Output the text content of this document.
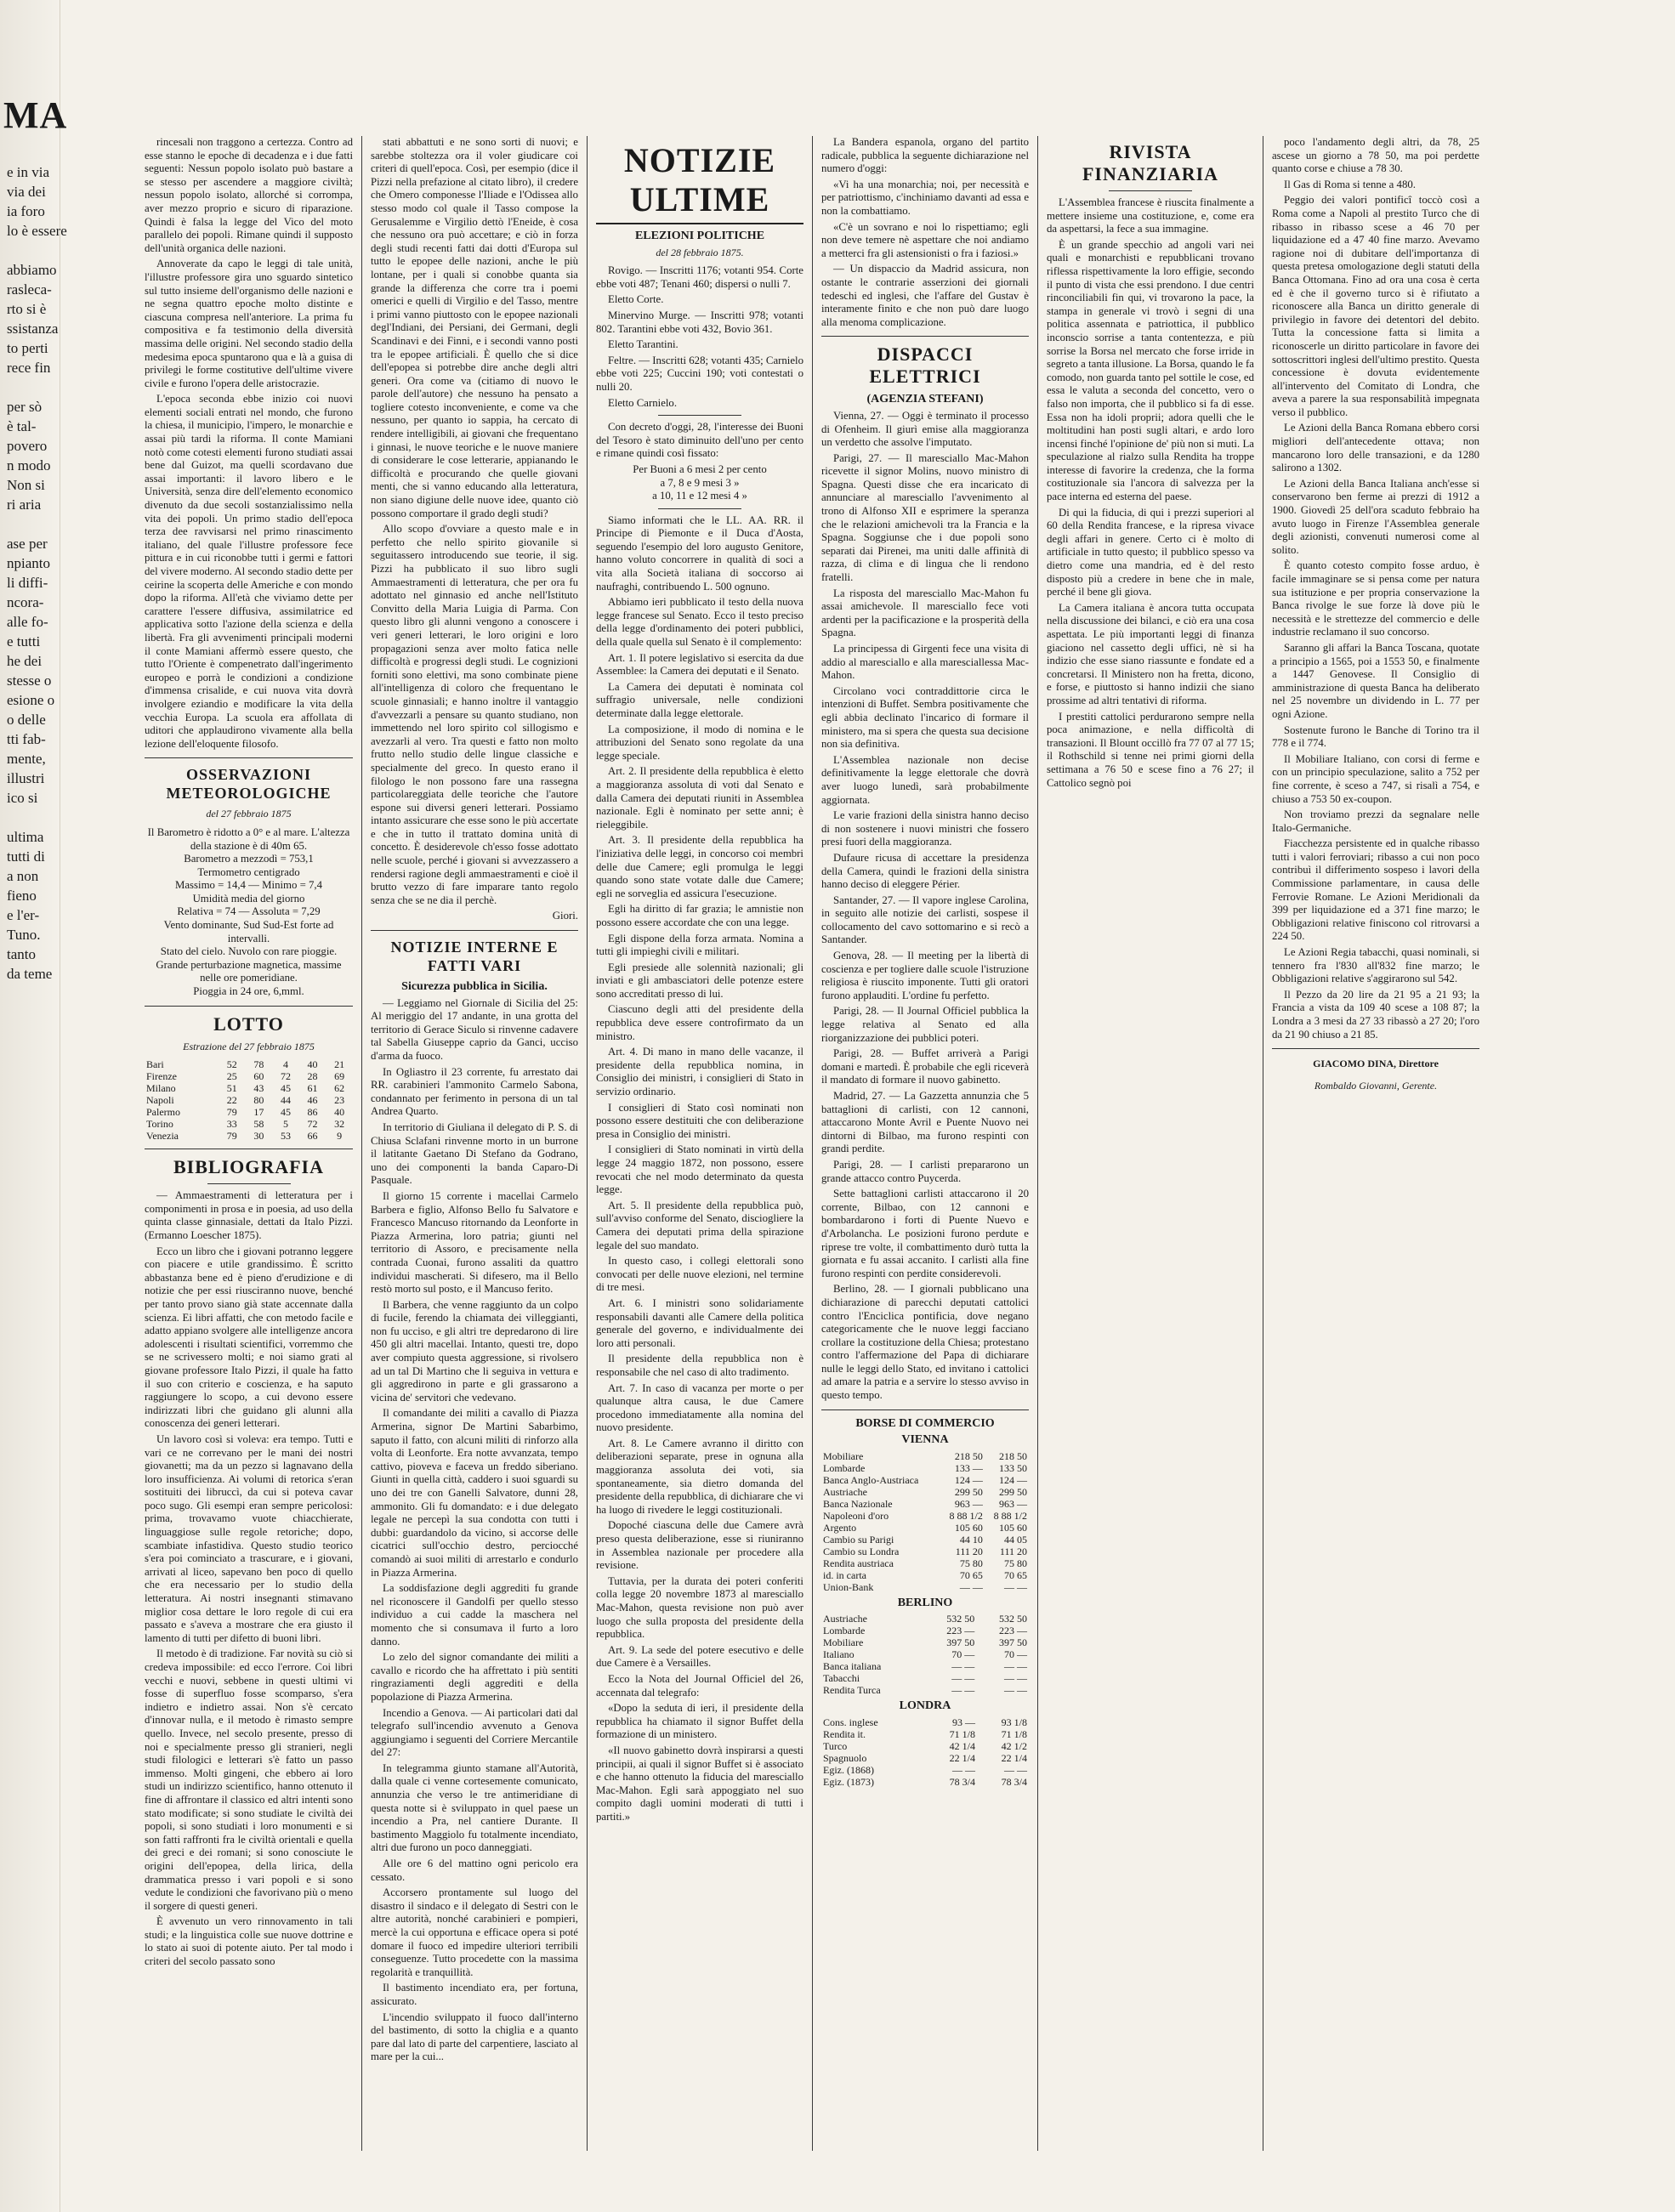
MA
e in via
via dei
ia foro
lo è essere

abbiamo
rasleca-
rto si è
ssistanza
to perti
rece fin

per sò
è tal-
povero
n modo
Non si
ri aria

ase per
npianto
li diffi-
ncora-
alle fo-
e tutti
he dei
stesse o
esione o
o delle
tti fab-
mente,
illustri
ico si

ultima
tutti di
a non
fieno
e l'er-
Tuno.
tanto
da teme

rincesali non traggono a certezza. Contro ad esse stanno le epoche di decadenza e i due fatti seguenti: Nessun popolo isolato può bastare a se stesso per ascendere a maggiore civiltà; nessun popolo isolato, allorché si corrompa, aver mezzo proprio e sicuro di riparazione. Quindi è falsa la legge del Vico del moto parallelo dei popoli. Rimane quindi il supposto dell'unità organica delle nazioni.

Annoverate da capo le leggi di tale unità, l'illustre professore gira uno sguardo sintetico sul tutto insieme dell'organismo delle nazioni e ne segna quattro epoche molto distinte e ciascuna compresa nell'anteriore. La prima fu compositiva e fa testimonio della diversità massima delle origini. Nel secondo stadio della medesima epoca spuntarono qua e là a guisa di privilegi le forme costitutive dell'ultime vivere civile e furono l'opera delle aristocrazie.

L'epoca seconda ebbe inizio coi nuovi elementi sociali entrati nel mondo, che furono la chiesa, il municipio, l'impero, le monarchie e assai più tardi la riforma. Il conte Mamiani notò come cotesti elementi furono studiati assai bene dal Guizot, ma quelli scordavano due assai importanti: il lavoro libero e le Università, senza dire dell'elemento economico divenuto da due secoli sostanzialissimo nella vita dei popoli. Un primo stadio dell'epoca terza dee ravvisarsi nel primo rinascimento italiano, del quale l'illustre professore fece pittura e in cui riconobbe tutti i germi e fattori del vivere moderno. Al secondo stadio dette per ceirine la scoperta delle Americhe e con mondo dopo la riforma. All'età che viviamo dette per carattere l'essere diffusiva, assimilatrice ed applicativa sotto l'azione della scienza e della libertà. Fra gli avvenimenti principali moderni il conte Mamiani affermò essere questo, che tutto l'Oriente è compenetrato dall'ingerimento europeo e porrà le condizioni a condizione d'immensa crisalide, e cui nuova vita dovrà involgere eziandio e modificare la vita della vecchia Europa. La scuola era affollata di uditori che applaudirono vivamente alla bella lezione dell'eloquente filosofo.

OSSERVAZIONI METEOROLOGICHE
del 27 febbraio 1875
Il Barometro è ridotto a 0° e al mare. L'altezza della stazione è di 40m 65.
Barometro a mezzodì = 753,1
Termometro centigrado
Massimo = 14,4 — Minimo = 7,4
Umidità media del giorno
Relativa = 74 — Assoluta = 7,29
Vento dominante, Sud Sud-Est forte ad intervalli.
Stato del cielo. Nuvolo con rare pioggie. Grande perturbazione magnetica, massime nelle ore pomeridiane.
Pioggia in 24 ore, 6,mml.
LOTTO
Estrazione del 27 febbraio 1875
Bari	52	78	4	40	21
Firenze	25	60	72	28	69
Milano	51	43	45	61	62
Napoli	22	80	44	46	23
Palermo	79	17	45	86	40
Torino	33	58	5	72	32
Venezia	79	30	53	66	9
BIBLIOGRAFIA

— Ammaestramenti di letteratura per i componimenti in prosa e in poesia, ad uso della quinta classe ginnasiale, dettati da Italo Pizzi. (Ermanno Loescher 1875).

Ecco un libro che i giovani potranno leggere con piacere e utile grandissimo. È scritto abbastanza bene ed è pieno d'erudizione e di notizie che per essi riusciranno nuove, benché per tanto provo siano già state accennate dalla scienza. Ei libri affatti, che con metodo facile e adatto appiano svolgere alle intelligenze ancora adolescenti i risultati scientifici, vorremmo che se ne scrivessero molti; e noi siamo grati al giovane professore Italo Pizzi, il quale ha fatto il suo con criterio e coscienza, e ha saputo raggiungere lo scopo, a cui devono essere indirizzati libri che guidano gli alunni alla conoscenza dei generi letterari.

Un lavoro così si voleva: era tempo. Tutti e vari ce ne correvano per le mani dei nostri giovanetti; ma da un pezzo si lagnavano della loro insufficienza. Ai volumi di retorica s'eran sostituiti dei libruccì, da cui si poteva cavar poco sugo. Gli esempi eran sempre pericolosi: prima, trovavamo vuote chiacchierate, linguaggiose sulle regole retoriche; dopo, scambiate infastidiva. Questo studio teorico s'era poi cominciato a trascurare, e i giovani, arrivati al liceo, sapevano ben poco di quello che era necessario per lo studio della letteratura. Ai nostri insegnanti stimavano miglior cosa dettare le loro regole di cui era passato e s'aveva a mostrare che era giusto il lamento di tutti per difetto di buoni libri.

Il metodo è di tradizione. Far novità su ciò si credeva impossibile: ed ecco l'errore. Coi libri vecchi e nuovi, sebbene in questi ultimi vi fosse di superfluo fosse scomparso, s'era indietro e indietro assai. Non s'è cercato d'innovar nulla, e il metodo è rimasto sempre quello. Invece, nel secolo presente, presso di noi e specialmente presso gli stranieri, negli studi filologici e letterari s'è fatto un passo immenso. Molti gingeni, che ebbero ai loro studi un indirizzo scientifico, hanno ottenuto il fine di affrontare il classico ed altri intenti sono stato modificate; si sono studiate le civiltà dei popoli, si sono studiati i loro monumenti e si son fatti raffronti fra le civiltà orientali e quella dei greci e dei romani; si sono conosciute le origini dell'epopea, della lirica, della drammatica presso i vari popoli e si sono vedute le condizioni che favorivano più o meno il sorgere di questi generi.

È avvenuto un vero rinnovamento in tali studi; e la linguistica colle sue nuove dottrine e lo stato ai suoi di potente aiuto. Per tal modo i criteri del secolo passato sono

stati abbattuti e ne sono sorti di nuovi; e sarebbe stoltezza ora il voler giudicare coi criteri di quell'epoca. Così, per esempio (dice il Pizzi nella prefazione al citato libro), il credere che Omero componesse l'Iliade e l'Odissea allo stesso modo col quale il Tasso compose la Gerusalemme e Virgilio dettò l'Eneide, è cosa che nessuno ora può accettare; e ciò in forza degli studi recenti fatti dai dotti d'Europa sul tutto le epopee delle nazioni, anche le più lontane, per i quali si conobbe quanta sia grande la differenza che corre tra i poemi omerici e quelli di Virgilio e del Tasso, mentre i primi vanno piuttosto con le epopee nazionali degl'Indiani, dei Persiani, dei Germani, degli Scandinavi e dei Finni, e i secondi vanno posti tra le epopee artificiali. È quello che si dice dell'epopea si potrebbe dire anche degli altri generi. Ora come va (citiamo di nuovo le parole dell'autore) che nessuno ha pensato a togliere cotesto inconveniente, e come va che nessuno, per quanto io sappia, ha cercato di rendere intelligibili, ai giovani che frequentano i ginnasi, le nuove teoriche e le nuove maniere di considerare le cose letterarie, appianando le difficoltà e procurando che quelle giovani menti, che si vanno educando alla letteratura, non siano digiune delle nuove idee, quanto ciò possono comportare il grado degli studi?

Allo scopo d'ovviare a questo male e in perfetto che nello spirito giovanile si seguitassero introducendo sue teorie, il sig. Pizzi ha pubblicato il suo libro sugli Ammaestramenti di letteratura, che per ora fu adottato nel ginnasio ed anche nell'Istituto Convitto della Maria Luigia di Parma. Con questo libro gli alunni vengono a conoscere i veri generi letterari, le loro origini e loro propagazioni senza aver molto fatica nelle difficoltà e progressi degli studi. Le cognizioni forniti sono elettivi, ma sono combinate piene all'intelligenza di coloro che frequentano le scuole ginnasiali; e hanno inoltre il vantaggio d'avvezzarli a pensare su quanto studiano, non immettendo nel loro spirito col sillogismo e avezzarli al vero. Tra questi e fatto non molto frutto nello studio delle lingue classiche e specialmente del greco. In questo erano il filologo le non possono fare una rassegna particolareggiata delle teoriche che l'autore espone sui diversi generi letterari. Possiamo intanto assicurare che esse sono le più accertate e che in tutto il trattato domina unità di concetto. È desiderevole ch'esso fosse adottato nelle scuole, perché i giovani si avvezzassero a rendersi ragione degli ammaestramenti e cioè il brutto vezzo di fare imparare tanto regolo senza che se ne dia il perchè.

Giori.
NOTIZIE INTERNE E FATTI VARI
Sicurezza pubblica in Sicilia.

— Leggiamo nel Giornale di Sicilia del 25: Al meriggio del 17 andante, in una grotta del territorio di Gerace Siculo si rinvenne cadavere tal Sabella Giuseppe caprio da Ganci, ucciso d'arma da fuoco.

In Ogliastro il 23 corrente, fu arrestato dai RR. carabinieri l'ammonito Carmelo Sabona, condannato per ferimento in persona di un tal Andrea Quarto.

In territorio di Giuliana il delegato di P. S. di Chiusa Sclafani rinvenne morto in un burrone il latitante Gaetano Di Stefano da Godrano, uno dei componenti la banda Caparo-Di Pasquale.

Il giorno 15 corrente i macellai Carmelo Barbera e figlio, Alfonso Bello fu Salvatore e Francesco Mancuso ritornando da Leonforte in Piazza Armerina, loro patria; giunti nel territorio di Assoro, e precisamente nella contrada Cuonai, furono assaliti da quattro individui mascherati. Si difesero, ma il Bello restò morto sul posto, e il Mancuso ferito.

Il Barbera, che venne raggiunto da un colpo di fucile, ferendo la chiamata dei villeggianti, non fu ucciso, e gli altri tre depredarono di lire 450 gli altri macellai. Intanto, questi tre, dopo aver compiuto questa aggressione, si rivolsero ad un tal Di Martino che li seguiva in vettura e gli aggredirono in parte e gli grassarono a vicina de' servitori che vedevano.

Il comandante dei militi a cavallo di Piazza Armerina, signor De Martini Sabarbimo, saputo il fatto, con alcuni militi di rinforzo alla volta di Leonforte. Era notte avvanzata, tempo cattivo, pioveva e faceva un freddo siberiano. Giunti in quella città, caddero i suoi sguardi su uno dei tre con Ganelli Salvatore, dunni 28, ammonito. Gli fu domandato: e i due delegato legale ne percepì la sua condotta con tutti i dubbi: guardandolo da vicino, si accorse delle cicatrici sull'occhio destro, perciocché comandò ai suoi militi di arrestarlo e condurlo in Piazza Armerina.

La soddisfazione degli aggrediti fu grande nel riconoscere il Gandolfi per quello stesso individuo a cui cadde la maschera nel momento che si consumava il furto a loro danno.

Lo zelo del signor comandante dei militi a cavallo e ricordo che ha affrettato i più sentiti ringraziamenti degli aggrediti e della popolazione di Piazza Armerina.

Incendio a Genova. — Ai particolari dati dal telegrafo sull'incendio avvenuto a Genova aggiungiamo i seguenti del Corriere Mercantile del 27:

In telegramma giunto stamane all'Autorità, dalla quale ci venne cortesemente comunicato, annunzia che verso le tre antimeridiane di questa notte si è sviluppato in quel paese un incendio a Pra, nel cantiere Durante. Il bastimento Maggiolo fu totalmente incendiato, altri due furono un poco danneggiati.

Alle ore 6 del mattino ogni pericolo era cessato.

Accorsero prontamente sul luogo del disastro il sindaco e il delegato di Sestri con le altre autorità, nonché carabinieri e pompieri, mercè la cui opportuna e efficace opera si poté domare il fuoco ed impedire ulteriori terribili conseguenze. Tutto procedette con la massima regolarità e tranquillità.

Il bastimento incendiato era, per fortuna, assicurato.

L'incendio sviluppato il fuoco dall'interno del bastimento, di sotto la chiglia e a quanto pare dal lato di parte del carpentiere, lasciato al mare per la cui...

NOTIZIE ULTIME
ELEZIONI POLITICHE
del 28 febbraio 1875.

Rovigo. — Inscritti 1176; votanti 954. Corte ebbe voti 487; Tenani 460; dispersi o nulli 7.

Eletto Corte.

Minervino Murge. — Inscritti 978; votanti 802. Tarantini ebbe voti 432, Bovio 361.

Eletto Tarantini.

Feltre. — Inscritti 628; votanti 435; Carnielo ebbe voti 225; Cuccini 190; voti contestati o nulli 20.

Eletto Carnielo.

Con decreto d'oggi, 28, l'interesse dei Buoni del Tesoro è stato diminuito dell'uno per cento e rimane quindi così fissato:

Per Buoni a 6 mesi 2 per cento
a 7, 8 e 9 mesi 3 »
a 10, 11 e 12 mesi 4 »

Siamo informati che le LL. AA. RR. il Principe di Piemonte e il Duca d'Aosta, seguendo l'esempio del loro augusto Genitore, hanno voluto concorrere in qualità di soci a vita alla Società italiana di soccorso ai naufraghi, contribuendo L. 500 ognuno.

Abbiamo ieri pubblicato il testo della nuova legge francese sul Senato. Ecco il testo preciso della legge d'ordinamento dei poteri pubblici, della quale quella sul Senato è il complemento:

Art. 1. Il potere legislativo si esercita da due Assemblee: la Camera dei deputati e il Senato.

La Camera dei deputati è nominata col suffragio universale, nelle condizioni determinate dalla legge elettorale.

La composizione, il modo di nomina e le attribuzioni del Senato sono regolate da una legge speciale.

Art. 2. Il presidente della repubblica è eletto a maggioranza assoluta di voti dal Senato e dalla Camera dei deputati riuniti in Assemblea nazionale. Egli è nominato per sette anni; è rieleggibile.

Art. 3. Il presidente della repubblica ha l'iniziativa delle leggi, in concorso coi membri delle due Camere; egli promulga le leggi quando sono state votate dalle due Camere; egli ne sorveglia ed assicura l'esecuzione.

Egli ha diritto di far grazia; le amnistie non possono essere accordate che con una legge.

Egli dispone della forza armata. Nomina a tutti gli impieghi civili e militari.

Egli presiede alle solennità nazionali; gli inviati e gli ambasciatori delle potenze estere sono accreditati presso di lui.

Ciascuno degli atti del presidente della repubblica deve essere controfirmato da un ministro.

Art. 4. Di mano in mano delle vacanze, il presidente della repubblica nomina, in Consiglio dei ministri, i consiglieri di Stato in servizio ordinario.

I consiglieri di Stato così nominati non possono essere destituiti che con deliberazione presa in Consiglio dei ministri.

I consiglieri di Stato nominati in virtù della legge 24 maggio 1872, non possono, essere revocati che nel modo determinato da questa legge.

Art. 5. Il presidente della repubblica può, sull'avviso conforme del Senato, disciogliere la Camera dei deputati prima della spirazione legale del suo mandato.

In questo caso, i collegi elettorali sono convocati per delle nuove elezioni, nel termine di tre mesi.

Art. 6. I ministri sono solidariamente responsabili davanti alle Camere della politica generale del governo, e individualmente dei loro atti personali.

Il presidente della repubblica non è responsabile che nel caso di alto tradimento.

Art. 7. In caso di vacanza per morte o per qualunque altra causa, le due Camere procedono immediatamente alla nomina del nuovo presidente.

Art. 8. Le Camere avranno il diritto con deliberazioni separate, prese in ognuna alla maggioranza assoluta dei voti, sia spontaneamente, sia dietro domanda del presidente della repubblica, di dichiarare che vi ha luogo di rivedere le leggi costituzionali.

Dopoché ciascuna delle due Camere avrà preso questa deliberazione, esse si riuniranno in Assemblea nazionale per procedere alla revisione.

Tuttavia, per la durata dei poteri conferiti colla legge 20 novembre 1873 al maresciallo Mac-Mahon, questa revisione non può aver luogo che sulla proposta del presidente della repubblica.

Art. 9. La sede del potere esecutivo e delle due Camere è a Versailles.

Ecco la Nota del Journal Officiel del 26, accennata dal telegrafo:

«Dopo la seduta di ieri, il presidente della repubblica ha chiamato il signor Buffet della formazione di un ministero.

«Il nuovo gabinetto dovrà inspirarsi a questi principii, ai quali il signor Buffet si è associato e che hanno ottenuto la fiducia del maresciallo Mac-Mahon. Egli sarà appoggiato nel suo compito dagli uomini moderati di tutti i partiti.»

La Bandera espanola, organo del partito radicale, pubblica la seguente dichiarazione nel numero d'oggi:

«Vi ha una monarchia; noi, per necessità e per patriottismo, c'inchiniamo davanti ad essa e non la combattiamo.

«C'è un sovrano e noi lo rispettiamo; egli non deve temere nè aspettare che noi andiamo a metterci fra gli astensionisti o fra i faziosi.»

— Un dispaccio da Madrid assicura, non ostante le contrarie asserzioni dei giornali tedeschi ed inglesi, che l'affare del Gustav è interamente finito e che non può dare luogo alla menoma complicazione.

DISPACCI ELETTRICI
(AGENZIA STEFANI)

Vienna, 27. — Oggi è terminato il processo di Ofenheim. Il giurì emise alla maggioranza un verdetto che assolve l'imputato.

Parigi, 27. — Il maresciallo Mac-Mahon ricevette il signor Molins, nuovo ministro di Spagna. Questi disse che era incaricato di annunciare al maresciallo l'avvenimento al trono di Alfonso XII e esprimere la speranza che le relazioni amichevoli tra la Francia e la Spagna. Soggiunse che i due popoli sono separati dai Pirenei, ma uniti dalle affinità di razza, di clima e di lingua che li rendono fratelli.

La risposta del maresciallo Mac-Mahon fu assai amichevole. Il maresciallo fece voti ardenti per la pacificazione e la prosperità della Spagna.

La principessa di Girgenti fece una visita di addio al maresciallo e alla maresciallessa Mac-Mahon.

Circolano voci contraddittorie circa le intenzioni di Buffet. Sembra positivamente che egli abbia declinato l'incarico di formare il ministero, ma si spera che questa sua decisione non sia definitiva.

L'Assemblea nazionale non decise definitivamente la legge elettorale che dovrà aver luogo lunedì, sarà probabilmente aggiornata.

Le varie frazioni della sinistra hanno deciso di non sostenere i nuovi ministri che fossero presi fuori della maggioranza.

Dufaure ricusa di accettare la presidenza della Camera, quindi le frazioni della sinistra hanno deciso di eleggere Périer.

Santander, 27. — Il vapore inglese Carolina, in seguito alle notizie dei carlisti, sospese il collocamento del cavo sottomarino e si recò a Santander.

Genova, 28. — Il meeting per la libertà di coscienza e per togliere dalle scuole l'istruzione religiosa è riuscito imponente. Tutti gli oratori furono applauditi. L'ordine fu perfetto.

Parigi, 28. — Il Journal Officiel pubblica la legge relativa al Senato ed alla riorganizzazione dei pubblici poteri.

Parigi, 28. — Buffet arriverà a Parigi domani e martedì. È probabile che egli riceverà il mandato di formare il nuovo gabinetto.

Madrid, 27. — La Gazzetta annunzia che 5 battaglioni di carlisti, con 12 cannoni, attaccarono Monte Avril e Puente Nuovo nei dintorni di Bilbao, ma furono respinti con grandi perdite.

Parigi, 28. — I carlisti prepararono un grande attacco contro Puycerda.

Sette battaglioni carlisti attaccarono il 20 corrente, Bilbao, con 12 cannoni e bombardarono i forti di Puente Nuevo e d'Arbolancha. Le posizioni furono perdute e riprese tre volte, il combattimento durò tutta la giornata e fu assai accanito. I carlisti alla fine furono respinti con perdite considerevoli.

Berlino, 28. — I giornali pubblicano una dichiarazione di parecchi deputati cattolici contro l'Enciclica pontificia, dove negano categoricamente che le nuove leggi facciano crollare la costituzione della Chiesa; protestano contro l'affermazione del Papa di dichiarare nulle le leggi dello Stato, ed invitano i cattolici ad amare la patria e a servire lo stesso avviso in questo tempo.

BORSE DI COMMERCIO
VIENNA
Mobiliare	218 50	218 50
Lombarde	133 —	133 50
Banca Anglo-Austriaca	124 —	124 —
Austriache	299 50	299 50
Banca Nazionale	963 —	963 —
Napoleoni d'oro	8 88 1/2	8 88 1/2
Argento	105 60	105 60
Cambio su Parigi	44 10	44 05
Cambio su Londra	111 20	111 20
Rendita austriaca	75 80	75 80
id. in carta	70 65	70 65
Union-Bank	— —	— —
BERLINO
Austriache	532 50	532 50
Lombarde	223 —	223 —
Mobiliare	397 50	397 50
Italiano	70 —	70 —
Banca italiana	— —	— —
Tabacchi	— —	— —
Rendita Turca	— —	— —
LONDRA
Cons. inglese	93 —	93 1/8
Rendita it.	71 1/8	71 1/8
Turco	42 1/4	42 1/2
Spagnuolo	22 1/4	22 1/4
Egiz. (1868)	— —	— —
Egiz. (1873)	78 3/4	78 3/4
RIVISTA FINANZIARIA

L'Assemblea francese è riuscita finalmente a mettere insieme una costituzione, e, come era da aspettarsi, la fece a sua immagine.

È un grande specchio ad angoli vari nei quali e monarchisti e repubblicani trovano riflessa rispettivamente la loro effigie, secondo il punto di vista che essi prendono. I due centri rinconciliabili fin qui, vi trovarono la pace, la stampa in generale vi trovò i segni di una politica assennata e patriottica, il pubblico inconscio sorrise a tanta contentezza, e più sorrise la Borsa nel mercato che forse irride in segreto a tanta illusione. La Borsa, quando le fa comodo, non guarda tanto pel sottile le cose, ed essa le valuta a seconda del concetto, vero o falso non importa, che il pubblico si fa di esse. Essa non ha idoli proprii; adora quelli che le moltitudini han posti sugli altari, e ardo loro incensi finché l'opinione de' più non si muti. La speculazione al rialzo sulla Rendita ha troppe interesse di favorire la credenza, che la forma costituzionale sia l'ancora di salvezza per la pace interna ed esterna del paese.

Di qui la fiducia, di qui i prezzi superiori al 60 della Rendita francese, e la ripresa vivace degli affari in genere. Certo ci è molto di artificiale in tutto questo; il pubblico spesso va dietro come una mandria, ed è del resto disposto più a credere in bene che in male, perché il bene gli giova.

La Camera italiana è ancora tutta occupata nella discussione dei bilanci, e ciò era una cosa aspettata. Le più importanti leggi di finanza giaciono nel cassetto degli uffici, nè si ha indizio che esse siano riassunte e fondate ed a concretarsi. Il Ministero non ha fretta, dicono, e forse, e piuttosto si hanno indizii che siano prossime ad altri tentativi di riforma.

I prestiti cattolici perdurarono sempre nella poca animazione, e nella difficoltà di transazioni. Il Blount occillò fra 77 07 al 77 15; il Rothschild si tenne nei primi giorni della settimana a 76 50 e scese fino a 76 27; il Cattolico segnò poi

poco l'andamento degli altri, da 78, 25 ascese un giorno a 78 50, ma poi perdette quanto corse e chiuse a 78 30.

Il Gas di Roma si tenne a 480.

Peggio dei valori pontificî toccò così a Roma come a Napoli al prestito Turco che di ribasso in ribasso scese a 46 70 per liquidazione ed a 47 40 fine marzo. Avevamo ragione noi di dubitare dell'importanza di questa pretesa omologazione degli statuti della Banca Ottomana. Fino ad ora una cosa è certa ed è che il governo turco si è rifiutato a riconoscere alla Banca un diritto generale di privilegio in favore dei detentori del debito. Tutta la concessione fatta si limita a riconoscerle un diritto particolare in favore dei sottoscrittori inglesi dell'ultimo prestito. Questa concessione è dovuta evidentemente all'intervento del Comitato di Londra, che aveva a parere la sua responsabilità impegnata verso il pubblico.

Le Azioni della Banca Romana ebbero corsi migliori dell'antecedente ottava; non mancarono loro delle transazioni, e da 1280 salirono a 1302.

Le Azioni della Banca Italiana anch'esse si conservarono ben ferme ai prezzi di 1912 a 1900. Giovedì 25 dell'ora scaduto febbraio ha avuto luogo in Firenze l'Assemblea generale degli azionisti, convenuti numerosi come al solito.

È quanto cotesto compito fosse arduo, è facile immaginare se si pensa come per natura sua istituzione e per propria conservazione la Banca rivolge le sue forze là dove più le necessità e le strettezze del commercio e delle industrie reclamano il suo concorso.

Saranno gli affari la Banca Toscana, quotate a principio a 1565, poi a 1553 50, e finalmente a 1447 Genovese. Il Consiglio di amministrazione di questa Banca ha deliberato nel 25 novembre un dividendo in L. 77 per ogni Azione.

Sostenute furono le Banche di Torino tra il 778 e il 774.

Il Mobiliare Italiano, con corsi di ferme e con un principio speculazione, salito a 752 per fine corrente, è sceso a 747, si risalì a 754, e chiuso a 753 50 ex-coupon.

Non troviamo prezzi da segnalare nelle Italo-Germaniche.

Fiacchezza persistente ed in qualche ribasso tutti i valori ferroviari; ribasso a cui non poco contribuì il differimento sospeso i lavori della Commissione parlamentare, in causa delle Ferrovie Romane. Le Azioni Meridionali da 399 per liquidazione ed a 371 fine marzo; le Obbligazioni relative finiscono col ritrovarsi a 224 50.

Le Azioni Regia tabacchi, quasi nominali, si tennero fra l'830 all'832 fine marzo; le Obbligazioni relative s'aggirarono sul 542.

Il Pezzo da 20 lire da 21 95 a 21 93; la Francia a vista da 109 40 scese a 108 87; la Londra a 3 mesi da 27 33 ribassò a 27 20; l'oro da 21 90 chiuso a 21 85.

GIACOMO DINA, Direttore
Rombaldo Giovanni, Gerente.
